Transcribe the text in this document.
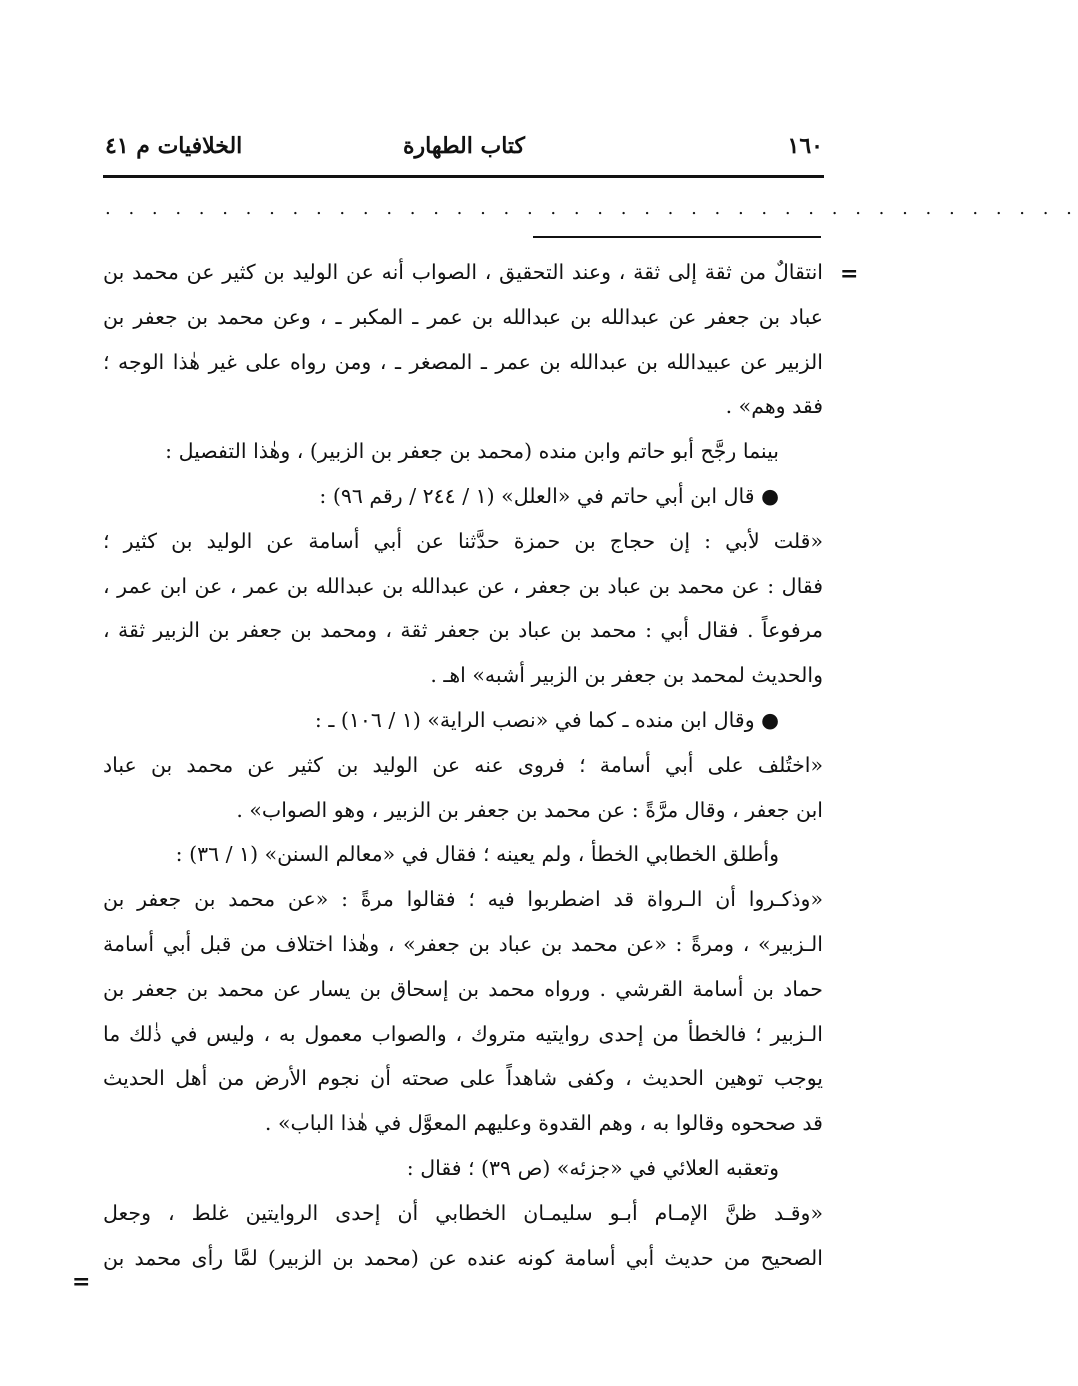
١٦٠
كتاب الطهارة
الخلافيات م ٤١
. . . . . . . . . . . . . . . . . . . . . . . . . . . . . . . . . . . . . . . . . .
=
انتقالٌ من ثقة إلى ثقة ، وعند التحقيق ، الصواب أنه عن الوليد بن كثير عن محمد بن
عباد بن جعفر عن عبدالله بن عبدالله بن عمر ـ المكبر ـ ، وعن محمد بن جعفر بن
الزبير عن عبيدالله بن عبدالله بن عمر ـ المصغر ـ ، ومن رواه على غير هٰذا الوجه ؛
فقد وهم» .
بينما رجَّح أبو حاتم وابن منده (محمد بن جعفر بن الزبير) ، وهٰذا التفصيل :
● قال ابن أبي حاتم في «العلل» (١ / ٢٤٤ / رقم ٩٦) :
«قلت لأبي : إن حجاج بن حمزة حدَّثنا عن أبي أسامة عن الوليد بن كثير ؛
فقال : عن محمد بن عباد بن جعفر ، عن عبدالله بن عبدالله بن عمر ، عن ابن عمر ،
مرفوعاً . فقال أبي : محمد بن عباد بن جعفر ثقة ، ومحمد بن جعفر بن الزبير ثقة ،
والحديث لمحمد بن جعفر بن الزبير أشبه» اهـ .
● وقال ابن منده ـ كما في «نصب الراية» (١ / ١٠٦) ـ :
«اختُلف على أبي أسامة ؛ فروى عنه عن الوليد بن كثير عن محمد بن عباد
ابن جعفر ، وقال مرَّةً : عن محمد بن جعفر بن الزبير ، وهو الصواب» .
وأطلق الخطابي الخطأ ، ولم يعينه ؛ فقال في «معالم السنن» (١ / ٣٦) :
«وذكـروا أن الـرواة قد اضطربوا فيه ؛ فقالوا مرةً : «عن محمد بن جعفر بن
الـزبير» ، ومرةً : «عن محمد بن عباد بن جعفر» ، وهٰذا اختلاف من قبل أبي أسامة
حماد بن أسامة القرشي . ورواه محمد بن إسحاق بن يسار عن محمد بن جعفر بن
الـزبير ؛ فالخطأ من إحدى روايتيه متروك ، والصواب معمول به ، وليس في ذٰلك ما
يوجب توهين الحديث ، وكفى شاهداً على صحته أن نجوم الأرض من أهل الحديث
قد صححوه وقالوا به ، وهم القدوة وعليهم المعوَّل في هٰذا الباب» .
وتعقبه العلائي في «جزئه» (ص ٣٩) ؛ فقال :
«وقـد ظنَّ الإمـام أبـو سليمـان الخطابي أن إحدى الروايتين غلط ، وجعل
الصحيح من حديث أبي أسامة كونه عنده عن (محمد بن الزبير) لمَّا رأى محمد بن
=
